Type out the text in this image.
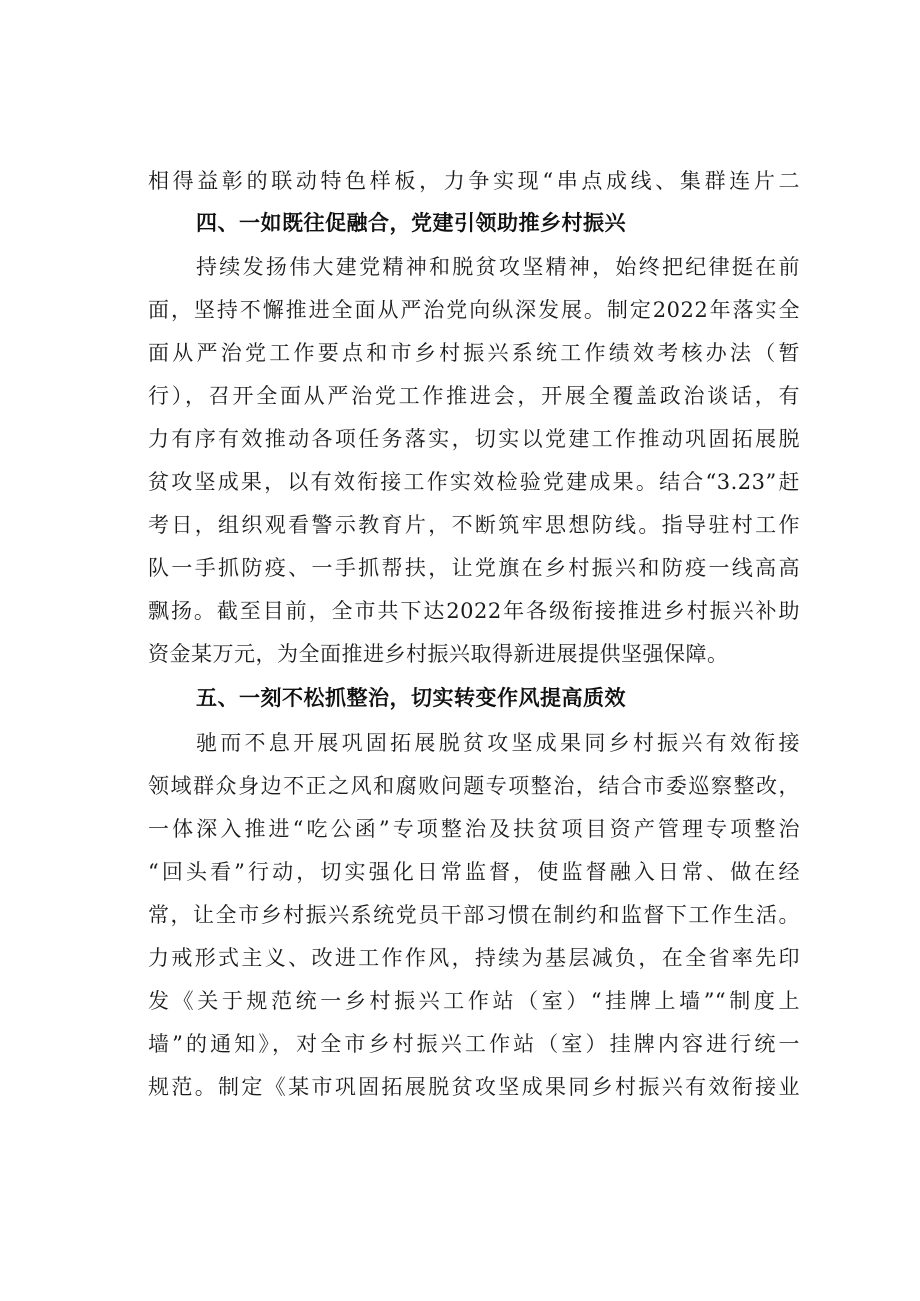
相得益彰的联动特色样板，力争实现“串点成线、集群连片二
四、一如既往促融合，党建引领助推乡村振兴
持续发扬伟大建党精神和脱贫攻坚精神，始终把纪律挺在前
面，坚持不懈推进全面从严治党向纵深发展。制定2022年落实全
面从严治党工作要点和市乡村振兴系统工作绩效考核办法（暂
行），召开全面从严治党工作推进会，开展全覆盖政治谈话，有
力有序有效推动各项任务落实，切实以党建工作推动巩固拓展脱
贫攻坚成果，以有效衔接工作实效检验党建成果。结合“3.23”赶
考日，组织观看警示教育片，不断筑牢思想防线。指导驻村工作
队一手抓防疫、一手抓帮扶，让党旗在乡村振兴和防疫一线高高
飘扬。截至目前，全市共下达2022年各级衔接推进乡村振兴补助
资金某万元，为全面推进乡村振兴取得新进展提供坚强保障。
五、一刻不松抓整治，切实转变作风提高质效
驰而不息开展巩固拓展脱贫攻坚成果同乡村振兴有效衔接
领域群众身边不正之风和腐败问题专项整治，结合市委巡察整改，
一体深入推进“吃公函”专项整治及扶贫项目资产管理专项整治
“回头看”行动，切实强化日常监督，使监督融入日常、做在经
常，让全市乡村振兴系统党员干部习惯在制约和监督下工作生活。
力戒形式主义、改进工作作风，持续为基层减负，在全省率先印
发《关于规范统一乡村振兴工作站（室）“挂牌上墙”“制度上
墙”的通知》，对全市乡村振兴工作站（室）挂牌内容进行统一
规范。制定《某市巩固拓展脱贫攻坚成果同乡村振兴有效衔接业
